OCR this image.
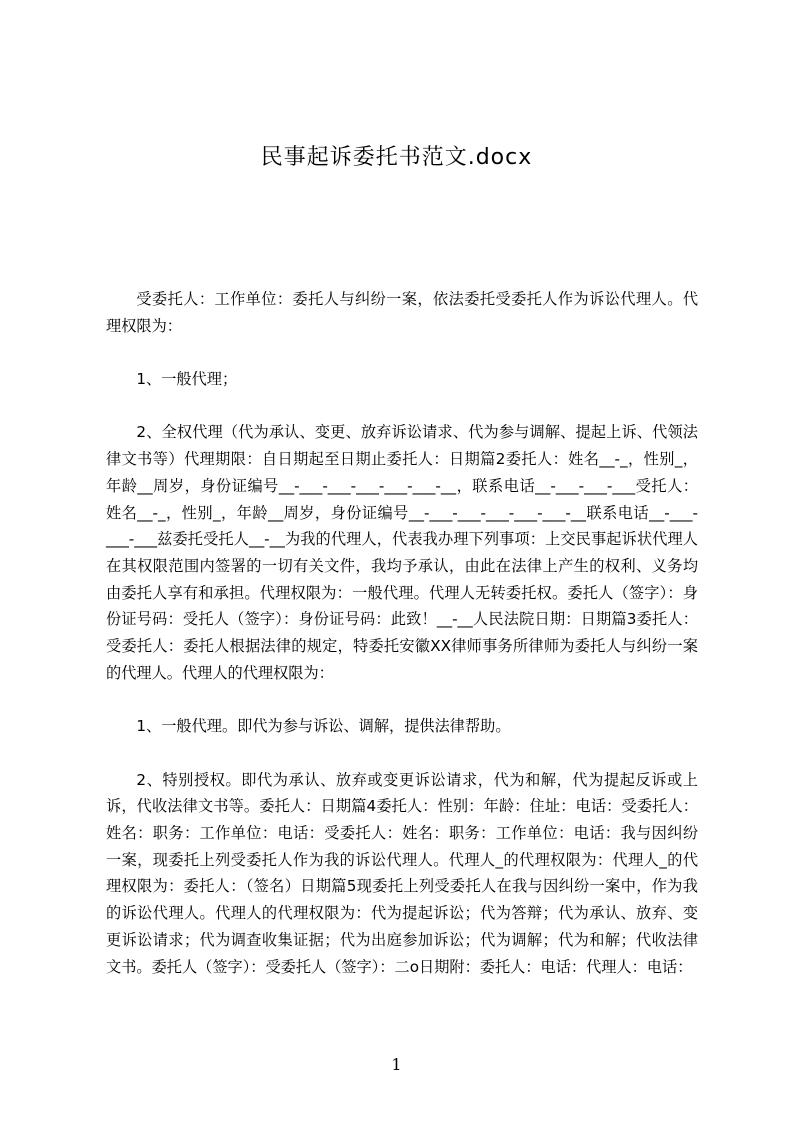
民事起诉委托书范文.docx

受委托人：工作单位：委托人与纠纷一案，依法委托受委托人作为诉讼代理人。代理权限为：

1、一般代理；

2、全权代理（代为承认、变更、放弃诉讼请求、代为参与调解、提起上诉、代领法律文书等）代理期限：自日期起至日期止委托人：日期篇2委托人：姓名__-_，性别_，年龄__周岁，身份证编号__-___-___-___-___-___-__，联系电话__-___-___-___受托人：姓名__-_，性别_，年龄__周岁，身份证编号__-___-___-___-___-___-__联系电话__-___-___-___兹委托受托人__-__为我的代理人，代表我办理下列事项：上交民事起诉状代理人在其权限范围内签署的一切有关文件，我均予承认，由此在法律上产生的权利、义务均由委托人享有和承担。代理权限为：一般代理。代理人无转委托权。委托人（签字）：身份证号码：受托人（签字）：身份证号码：此致！__-__人民法院日期：日期篇3委托人：受委托人：委托人根据法律的规定，特委托安徽XX律师事务所律师为委托人与纠纷一案的代理人。代理人的代理权限为：

1、一般代理。即代为参与诉讼、调解，提供法律帮助。

2、特别授权。即代为承认、放弃或变更诉讼请求，代为和解，代为提起反诉或上诉，代收法律文书等。委托人：日期篇4委托人：性别：年龄：住址：电话：受委托人：姓名：职务：工作单位：电话：受委托人：姓名：职务：工作单位：电话：我与因纠纷一案，现委托上列受委托人作为我的诉讼代理人。代理人_的代理权限为：代理人_的代理权限为：委托人：（签名）日期篇5现委托上列受委托人在我与因纠纷一案中，作为我的诉讼代理人。代理人的代理权限为：代为提起诉讼；代为答辩；代为承认、放弃、变更诉讼请求；代为调查收集证据；代为出庭参加诉讼；代为调解；代为和解；代收法律文书。委托人（签字）：受委托人（签字）：二o日期附：委托人：电话：代理人：电话：

1
